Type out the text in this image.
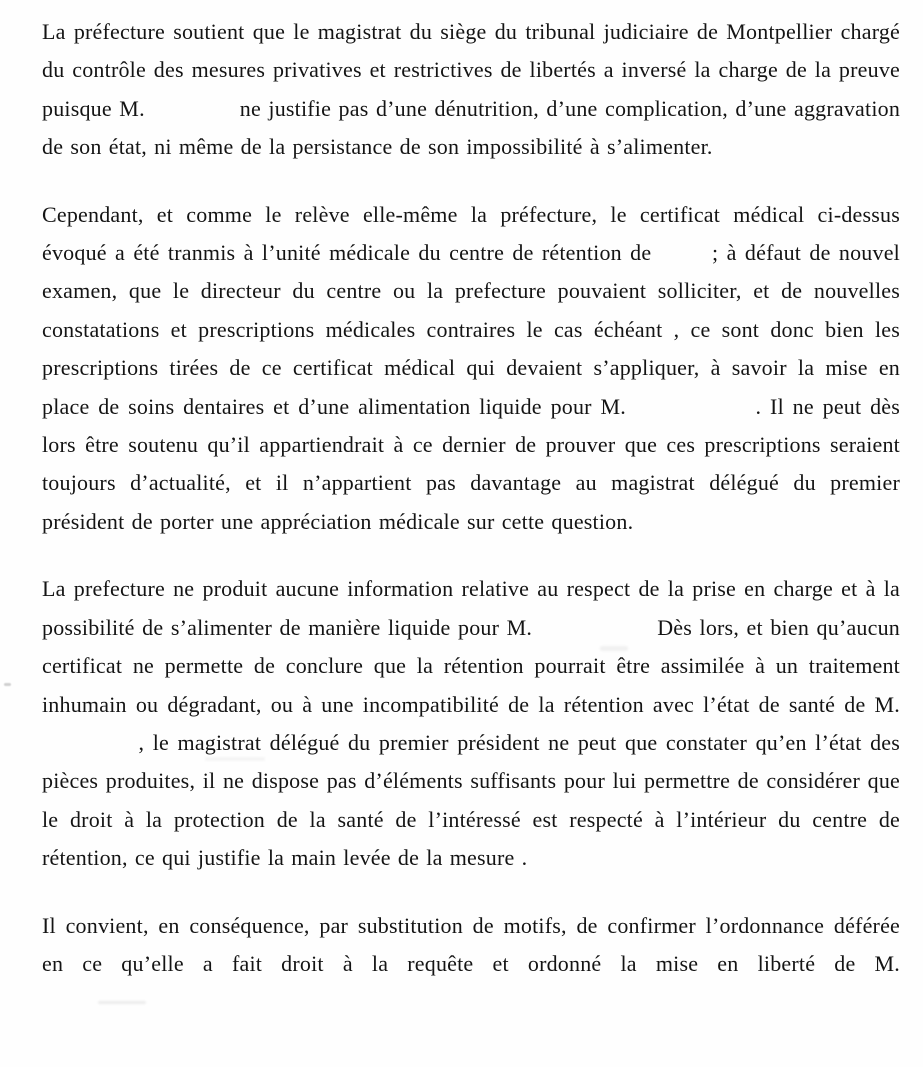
La préfecture soutient que le magistrat du siège du tribunal judiciaire de Montpellier chargé du contrôle des mesures privatives et restrictives de libertés a inversé la charge de la preuve puisque M.	ne justifie pas d’une dénutrition, d’une complication, d’une aggravation de son état, ni même de la persistance de son impossibilité à s’alimenter.

Cependant, et comme le relève elle-même la préfecture, le certificat médical ci-dessus évoqué a été tranmis à l’unité médicale du centre de rétention de	; à défaut de nouvel examen, que le directeur du centre ou la prefecture pouvaient solliciter, et de nouvelles constatations et prescriptions médicales contraires le cas échéant , ce sont donc bien les prescriptions tirées de ce certificat médical qui devaient s’appliquer, à savoir la mise en place de soins dentaires et d’une alimentation liquide pour M.	. Il ne peut dès lors être soutenu qu’il appartiendrait à ce dernier de prouver que ces prescriptions seraient toujours d’actualité, et il n’appartient pas davantage au magistrat délégué du premier président de porter une appréciation médicale sur cette question.

La prefecture ne produit aucune information relative au respect de la prise en charge et à la possibilité de s’alimenter de manière liquide pour M.	Dès lors, et bien qu’aucun certificat ne permette de conclure que la rétention pourrait être assimilée à un traitement inhumain ou dégradant, ou à une incompatibilité de la rétention avec l’état de santé de M.  , le magistrat délégué du premier président ne peut que constater qu’en l’état des pièces produites, il ne dispose pas d’éléments suffisants pour lui permettre de considérer que le droit à la protection de la santé de l’intéressé est respecté à l’intérieur du centre de rétention, ce qui justifie la main levée de la mesure .

Il convient, en conséquence, par substitution de motifs, de confirmer l’ordonnance déférée en ce qu’elle a fait droit à la requête et ordonné la mise en liberté de M.
